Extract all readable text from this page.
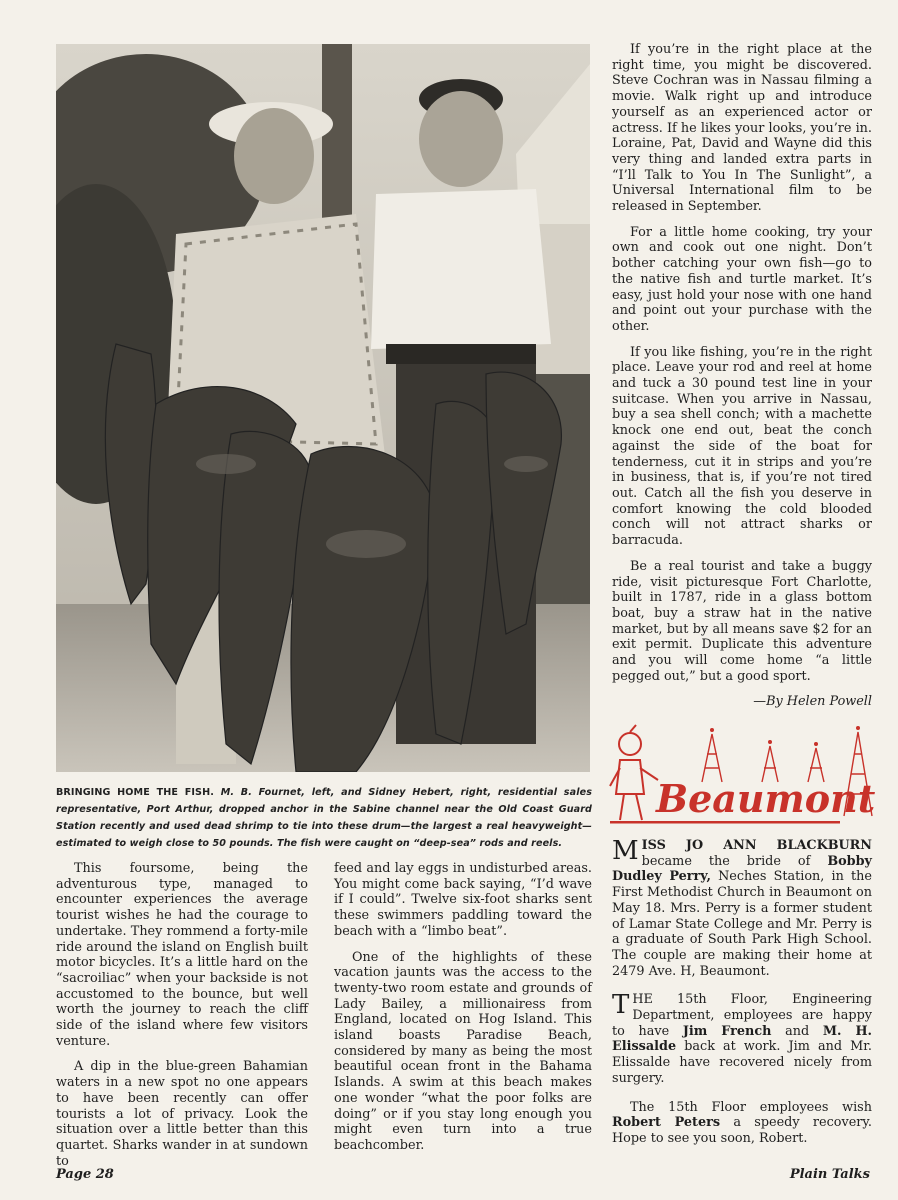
BRINGING HOME THE FISH. M. B. Fournet, left, and Sidney Hebert, right, residential sales representative, Port Arthur, dropped anchor in the Sabine channel near the Old Coast Guard Station recently and used dead shrimp to tie into these drum—the largest a real heavyweight—estimated to weigh close to 50 pounds. The fish were caught on “deep-sea” rods and reels.

This foursome, being the adventurous type, managed to encounter experiences the average tourist wishes he had the courage to undertake. They rommend a forty-mile ride around the island on English built motor bicycles. It’s a little hard on the “sacroiliac” when your backside is not accustomed to the bounce, but well worth the journey to reach the cliff side of the island where few visitors venture.

A dip in the blue-green Bahamian waters in a new spot no one appears to have been recently can offer tourists a lot of privacy. Look the situation over a little better than this quartet. Sharks wander in at sundown to

feed and lay eggs in undisturbed areas. You might come back saying, “I’d wave if I could”. Twelve six-foot sharks sent these swimmers paddling toward the beach with a “limbo beat”.

One of the highlights of these vacation jaunts was the access to the twenty-two room estate and grounds of Lady Bailey, a millionairess from England, located on Hog Island. This island boasts Paradise Beach, considered by many as being the most beautiful ocean front in the Bahama Islands. A swim at this beach makes one wonder “what the poor folks are doing” or if you stay long enough you might even turn into a true beachcomber.

If you’re in the right place at the right time, you might be discovered. Steve Cochran was in Nassau filming a movie. Walk right up and introduce yourself as an experienced actor or actress. If he likes your looks, you’re in. Loraine, Pat, David and Wayne did this very thing and landed extra parts in “I’ll Talk to You In The Sunlight”, a Universal International film to be released in September.

For a little home cooking, try your own and cook out one night. Don’t bother catching your own fish—go to the native fish and turtle market. It’s easy, just hold your nose with one hand and point out your purchase with the other.

If you like fishing, you’re in the right place. Leave your rod and reel at home and tuck a 30 pound test line in your suitcase. When you arrive in Nassau, buy a sea shell conch; with a machette knock one end out, beat the conch against the side of the boat for tenderness, cut it in strips and you’re in business, that is, if you’re not tired out. Catch all the fish you deserve in comfort knowing the cold blooded conch will not attract sharks or barracuda.

Be a real tourist and take a buggy ride, visit picturesque Fort Charlotte, built in 1787, ride in a glass bottom boat, buy a straw hat in the native market, but by all means save $2 for an exit permit. Duplicate this adventure and you will come home “a little pegged out,” but a good sport.

—By Helen Powell

Beaumont

MISS JO ANN BLACKBURN became the bride of Bobby Dudley Perry, Neches Station, in the First Methodist Church in Beaumont on May 18. Mrs. Perry is a former student of Lamar State College and Mr. Perry is a graduate of South Park High School. The couple are making their home at 2479 Ave. H, Beaumont.

THE 15th Floor, Engineering Department, employees are happy to have Jim French and M. H. Elissalde back at work. Jim and Mr. Elissalde have recovered nicely from surgery.

The 15th Floor employees wish Robert Peters a speedy recovery. Hope to see you soon, Robert.

Page 28	Plain Talks
